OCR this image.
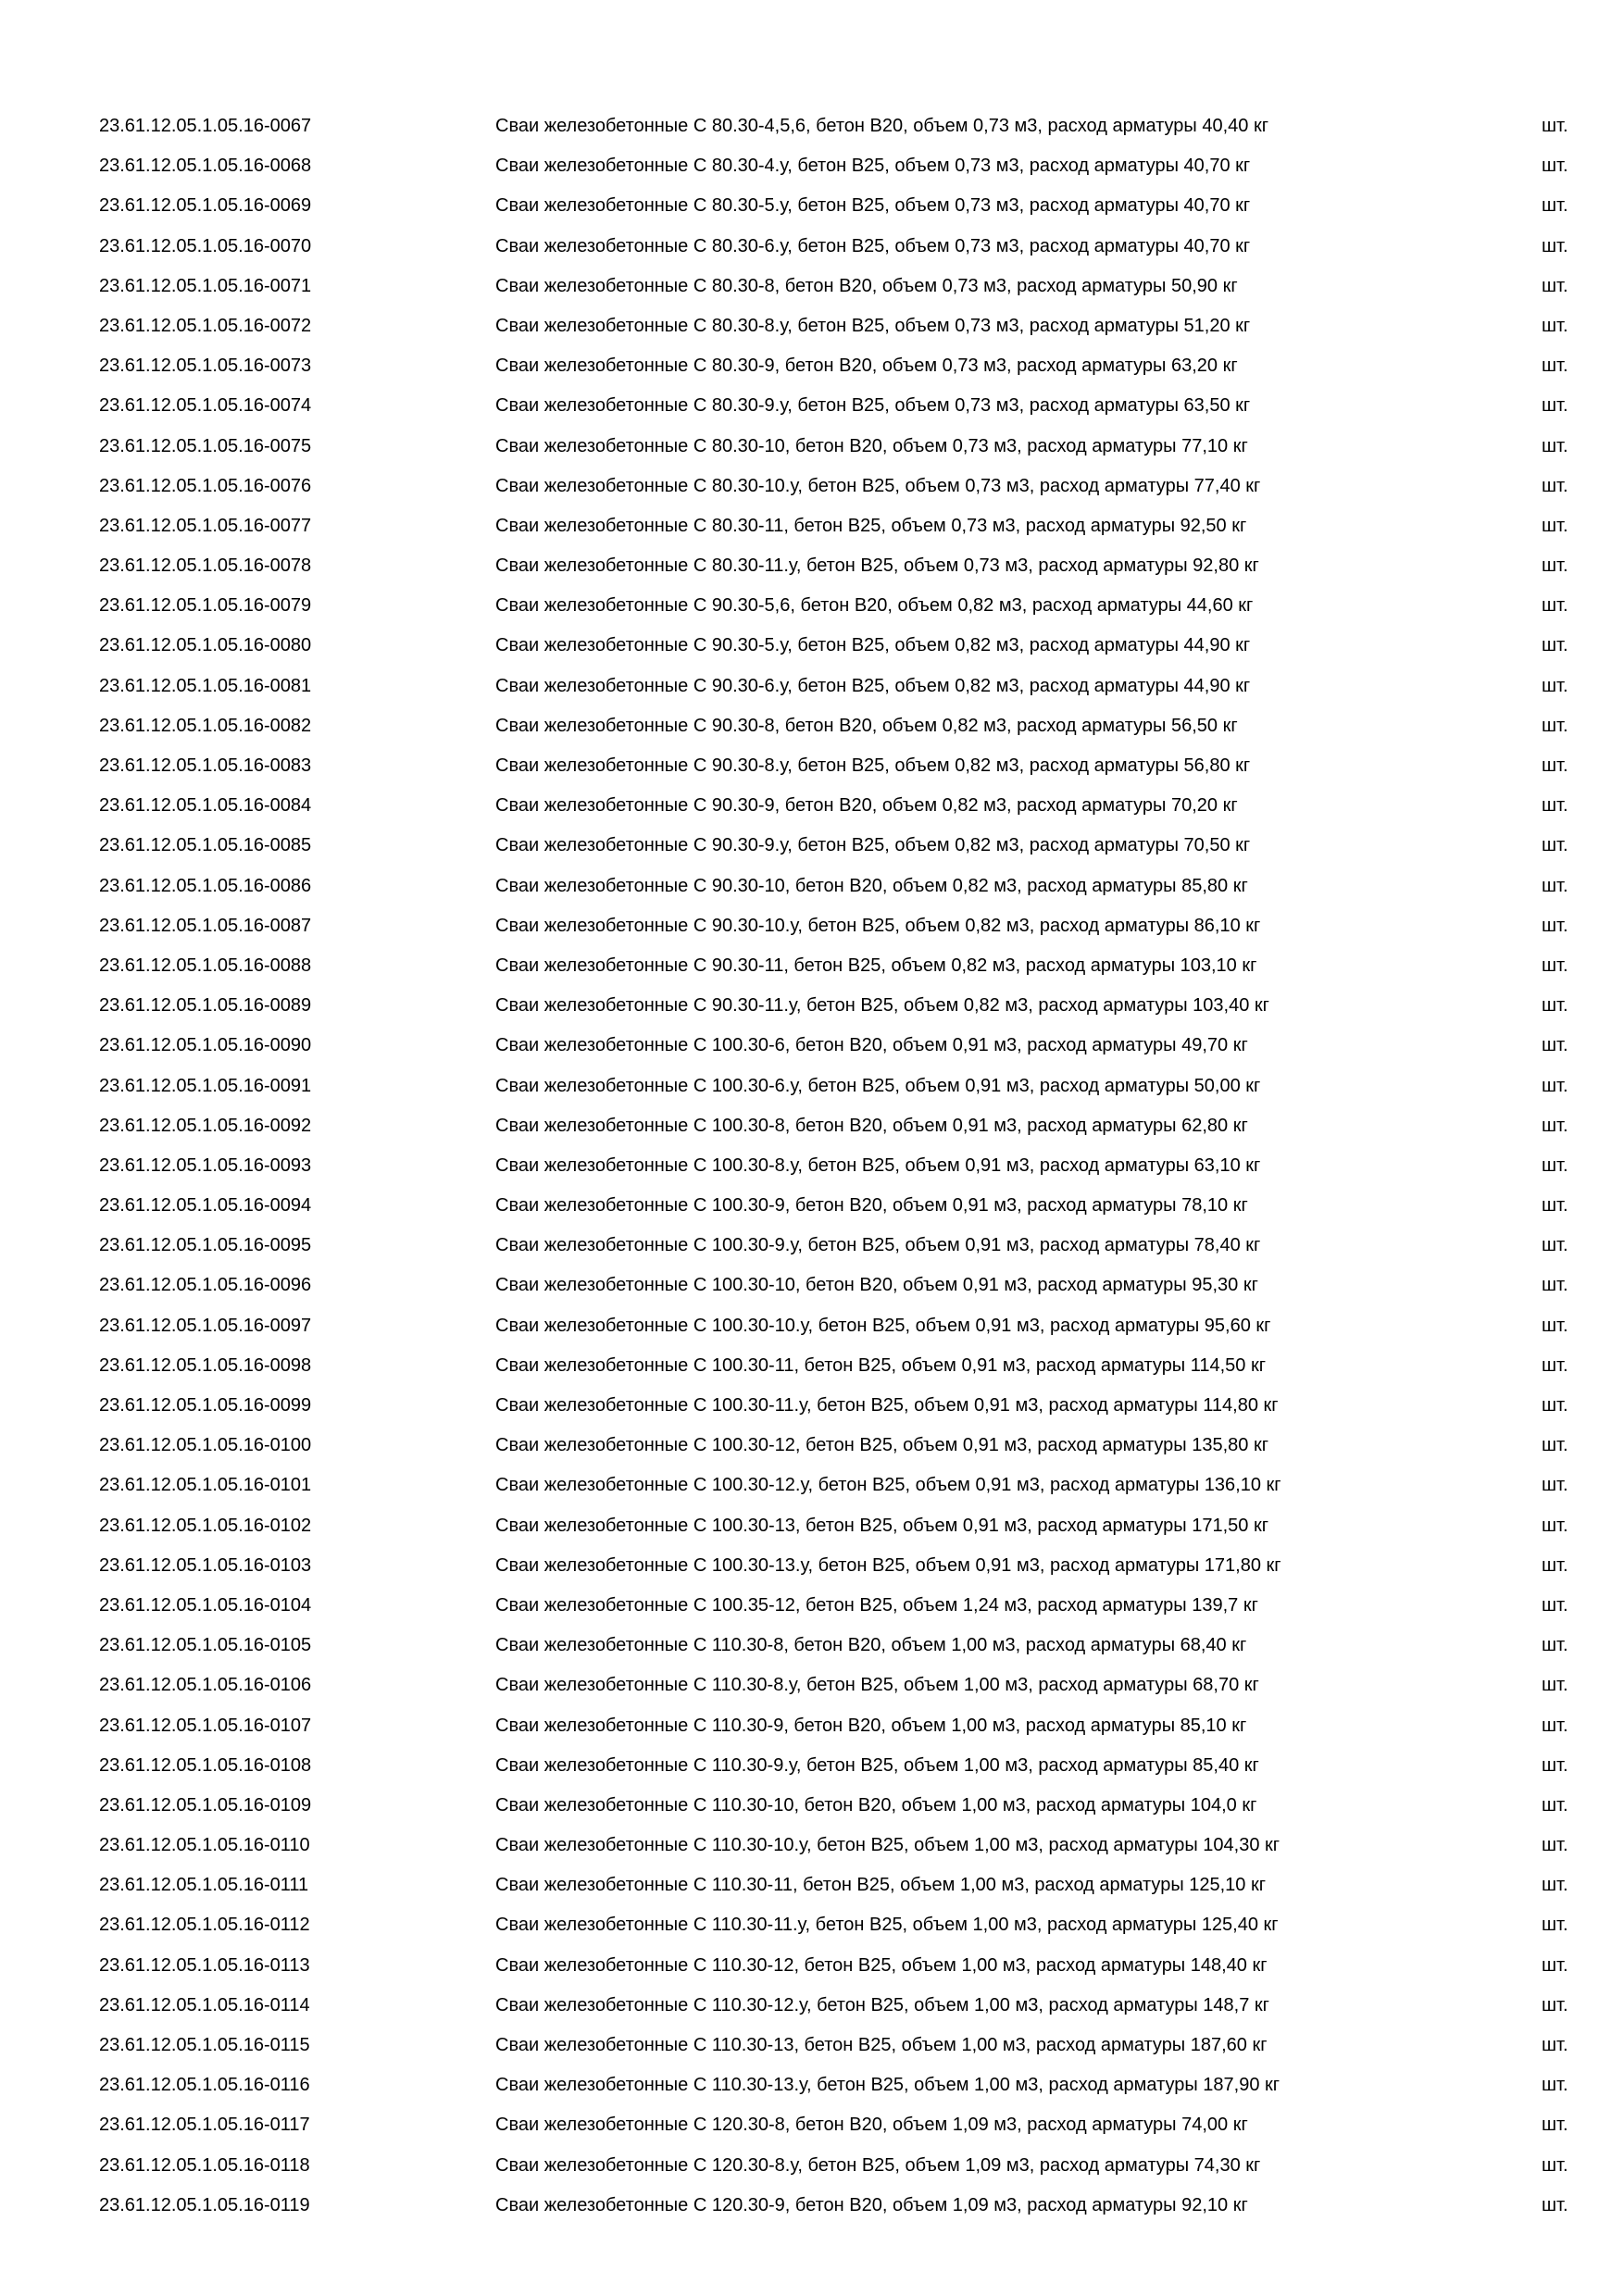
23.61.12.05.1.05.16-0067	Сваи железобетонные С 80.30-4,5,6, бетон В20, объем 0,73 м3, расход арматуры 40,40 кг	шт.
23.61.12.05.1.05.16-0068	Сваи железобетонные С 80.30-4.у, бетон В25, объем 0,73 м3, расход арматуры 40,70 кг	шт.
23.61.12.05.1.05.16-0069	Сваи железобетонные С 80.30-5.у, бетон В25, объем 0,73 м3, расход арматуры 40,70 кг	шт.
23.61.12.05.1.05.16-0070	Сваи железобетонные С 80.30-6.у, бетон В25, объем 0,73 м3, расход арматуры 40,70 кг	шт.
23.61.12.05.1.05.16-0071	Сваи железобетонные С 80.30-8, бетон В20, объем 0,73 м3, расход арматуры 50,90 кг	шт.
23.61.12.05.1.05.16-0072	Сваи железобетонные С 80.30-8.у, бетон В25, объем 0,73 м3, расход арматуры 51,20 кг	шт.
23.61.12.05.1.05.16-0073	Сваи железобетонные С 80.30-9, бетон В20, объем 0,73 м3, расход арматуры 63,20 кг	шт.
23.61.12.05.1.05.16-0074	Сваи железобетонные С 80.30-9.у, бетон В25, объем 0,73 м3, расход арматуры 63,50 кг	шт.
23.61.12.05.1.05.16-0075	Сваи железобетонные С 80.30-10, бетон В20, объем 0,73 м3, расход арматуры 77,10 кг	шт.
23.61.12.05.1.05.16-0076	Сваи железобетонные С 80.30-10.у, бетон В25, объем 0,73 м3, расход арматуры 77,40 кг	шт.
23.61.12.05.1.05.16-0077	Сваи железобетонные С 80.30-11, бетон В25, объем 0,73 м3, расход арматуры 92,50 кг	шт.
23.61.12.05.1.05.16-0078	Сваи железобетонные С 80.30-11.у, бетон В25, объем 0,73 м3, расход арматуры 92,80 кг	шт.
23.61.12.05.1.05.16-0079	Сваи железобетонные С 90.30-5,6, бетон В20, объем 0,82 м3, расход арматуры 44,60 кг	шт.
23.61.12.05.1.05.16-0080	Сваи железобетонные С 90.30-5.у, бетон В25, объем 0,82 м3, расход арматуры 44,90 кг	шт.
23.61.12.05.1.05.16-0081	Сваи железобетонные С 90.30-6.у, бетон В25, объем 0,82 м3, расход арматуры 44,90 кг	шт.
23.61.12.05.1.05.16-0082	Сваи железобетонные С 90.30-8, бетон В20, объем 0,82 м3, расход арматуры 56,50 кг	шт.
23.61.12.05.1.05.16-0083	Сваи железобетонные С 90.30-8.у, бетон В25, объем 0,82 м3, расход арматуры 56,80 кг	шт.
23.61.12.05.1.05.16-0084	Сваи железобетонные С 90.30-9, бетон В20, объем 0,82 м3, расход арматуры 70,20 кг	шт.
23.61.12.05.1.05.16-0085	Сваи железобетонные С 90.30-9.у, бетон В25, объем 0,82 м3, расход арматуры 70,50 кг	шт.
23.61.12.05.1.05.16-0086	Сваи железобетонные С 90.30-10, бетон В20, объем 0,82 м3, расход арматуры 85,80 кг	шт.
23.61.12.05.1.05.16-0087	Сваи железобетонные С 90.30-10.у, бетон В25, объем 0,82 м3, расход арматуры 86,10 кг	шт.
23.61.12.05.1.05.16-0088	Сваи железобетонные С 90.30-11, бетон В25, объем 0,82 м3, расход арматуры 103,10 кг	шт.
23.61.12.05.1.05.16-0089	Сваи железобетонные С 90.30-11.у, бетон В25, объем 0,82 м3, расход арматуры 103,40 кг	шт.
23.61.12.05.1.05.16-0090	Сваи железобетонные С 100.30-6, бетон В20, объем 0,91 м3, расход арматуры 49,70 кг	шт.
23.61.12.05.1.05.16-0091	Сваи железобетонные С 100.30-6.у, бетон В25, объем 0,91 м3, расход арматуры 50,00 кг	шт.
23.61.12.05.1.05.16-0092	Сваи железобетонные С 100.30-8, бетон В20, объем 0,91 м3, расход арматуры 62,80 кг	шт.
23.61.12.05.1.05.16-0093	Сваи железобетонные С 100.30-8.у, бетон В25, объем 0,91 м3, расход арматуры 63,10 кг	шт.
23.61.12.05.1.05.16-0094	Сваи железобетонные С 100.30-9, бетон В20, объем 0,91 м3, расход арматуры 78,10 кг	шт.
23.61.12.05.1.05.16-0095	Сваи железобетонные С 100.30-9.у, бетон В25, объем 0,91 м3, расход арматуры 78,40 кг	шт.
23.61.12.05.1.05.16-0096	Сваи железобетонные С 100.30-10, бетон В20, объем 0,91 м3, расход арматуры 95,30 кг	шт.
23.61.12.05.1.05.16-0097	Сваи железобетонные С 100.30-10.у, бетон В25, объем 0,91 м3, расход арматуры 95,60 кг	шт.
23.61.12.05.1.05.16-0098	Сваи железобетонные С 100.30-11, бетон В25, объем 0,91 м3, расход арматуры 114,50 кг	шт.
23.61.12.05.1.05.16-0099	Сваи железобетонные С 100.30-11.у, бетон В25, объем 0,91 м3, расход арматуры 114,80 кг	шт.
23.61.12.05.1.05.16-0100	Сваи железобетонные С 100.30-12, бетон В25, объем 0,91 м3, расход арматуры 135,80 кг	шт.
23.61.12.05.1.05.16-0101	Сваи железобетонные С 100.30-12.у, бетон В25, объем 0,91 м3, расход арматуры 136,10 кг	шт.
23.61.12.05.1.05.16-0102	Сваи железобетонные С 100.30-13, бетон В25, объем 0,91 м3, расход арматуры 171,50 кг	шт.
23.61.12.05.1.05.16-0103	Сваи железобетонные С 100.30-13.у, бетон В25, объем 0,91 м3, расход арматуры 171,80 кг	шт.
23.61.12.05.1.05.16-0104	Сваи железобетонные С 100.35-12, бетон В25, объем 1,24 м3, расход арматуры 139,7 кг	шт.
23.61.12.05.1.05.16-0105	Сваи железобетонные С 110.30-8, бетон В20, объем 1,00 м3, расход арматуры 68,40 кг	шт.
23.61.12.05.1.05.16-0106	Сваи железобетонные С 110.30-8.у, бетон В25, объем 1,00 м3, расход арматуры 68,70 кг	шт.
23.61.12.05.1.05.16-0107	Сваи железобетонные С 110.30-9, бетон В20, объем 1,00 м3, расход арматуры 85,10 кг	шт.
23.61.12.05.1.05.16-0108	Сваи железобетонные С 110.30-9.у, бетон В25, объем 1,00 м3, расход арматуры 85,40 кг	шт.
23.61.12.05.1.05.16-0109	Сваи железобетонные С 110.30-10, бетон В20, объем 1,00 м3, расход арматуры 104,0 кг	шт.
23.61.12.05.1.05.16-0110	Сваи железобетонные С 110.30-10.у, бетон В25, объем 1,00 м3, расход арматуры 104,30 кг	шт.
23.61.12.05.1.05.16-0111	Сваи железобетонные С 110.30-11, бетон В25, объем 1,00 м3, расход арматуры 125,10 кг	шт.
23.61.12.05.1.05.16-0112	Сваи железобетонные С 110.30-11.у, бетон В25, объем 1,00 м3, расход арматуры 125,40 кг	шт.
23.61.12.05.1.05.16-0113	Сваи железобетонные С 110.30-12, бетон В25, объем 1,00 м3, расход арматуры 148,40 кг	шт.
23.61.12.05.1.05.16-0114	Сваи железобетонные С 110.30-12.у, бетон В25, объем 1,00 м3, расход арматуры 148,7 кг	шт.
23.61.12.05.1.05.16-0115	Сваи железобетонные С 110.30-13, бетон В25, объем 1,00 м3, расход арматуры 187,60 кг	шт.
23.61.12.05.1.05.16-0116	Сваи железобетонные С 110.30-13.у, бетон В25, объем 1,00 м3, расход арматуры 187,90 кг	шт.
23.61.12.05.1.05.16-0117	Сваи железобетонные С 120.30-8, бетон В20, объем 1,09 м3, расход арматуры 74,00 кг	шт.
23.61.12.05.1.05.16-0118	Сваи железобетонные С 120.30-8.у, бетон В25, объем 1,09 м3, расход арматуры 74,30 кг	шт.
23.61.12.05.1.05.16-0119	Сваи железобетонные С 120.30-9, бетон В20, объем 1,09 м3, расход арматуры 92,10 кг	шт.
